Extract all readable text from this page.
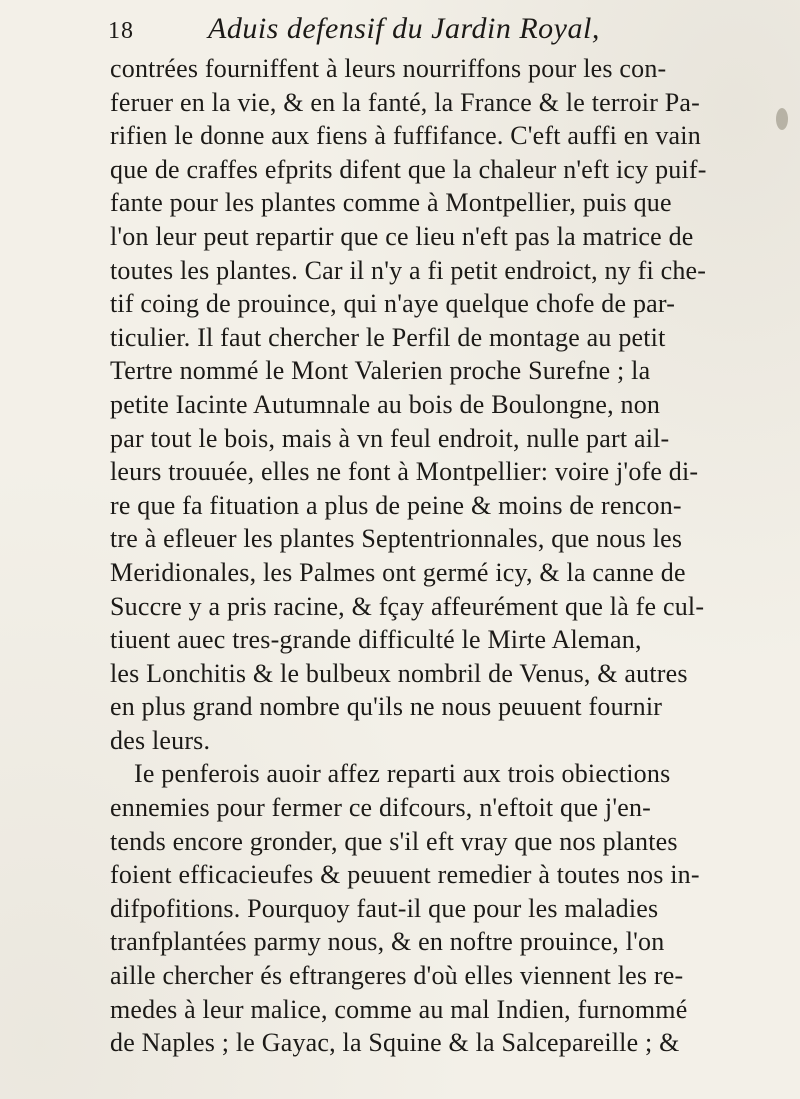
18 Aduis defensif du Jardin Royal,
contrées fourniffent à leurs nourriffons pour les con-
feruer en la vie, & en la fanté, la France & le terroir Pa-
rifien le donne aux fiens à fuffifance. C'eft auffi en vain
que de craffes efprits difent que la chaleur n'eft icy puif-
fante pour les plantes comme à Montpellier, puis que
l'on leur peut repartir que ce lieu n'eft pas la matrice de
toutes les plantes. Car il n'y a fi petit endroict, ny fi che-
tif coing de prouince, qui n'aye quelque chofe de par-
ticulier. Il faut chercher le Perfil de montage au petit
Tertre nommé le Mont Valerien proche Surefne ; la
petite Iacinte Autumnale au bois de Boulongne, non
par tout le bois, mais à vn feul endroit, nulle part ail-
leurs trouuée, elles ne font à Montpellier: voire j'ofe di-
re que fa fituation a plus de peine & moins de rencon-
tre à efleuer les plantes Septentrionnales, que nous les
Meridionales, les Palmes ont germé icy, & la canne de
Succre y a pris racine, & fçay affeurément que là fe cul-
tiuent auec tres-grande difficulté le Mirte Aleman,
les Lonchitis & le bulbeux nombril de Venus, & autres
en plus grand nombre qu'ils ne nous peuuent fournir
des leurs.
Ie penferois auoir affez reparti aux trois obiections
ennemies pour fermer ce difcours, n'eftoit que j'en-
tends encore gronder, que s'il eft vray que nos plantes
foient efficacieufes & peuuent remedier à toutes nos in-
difpofitions. Pourquoy faut-il que pour les maladies
tranfplantées parmy nous, & en noftre prouince, l'on
aille chercher és eftrangeres d'où elles viennent les re-
medes à leur malice, comme au mal Indien, furnommé
de Naples ; le Gayac, la Squine & la Salcepareille ; &
